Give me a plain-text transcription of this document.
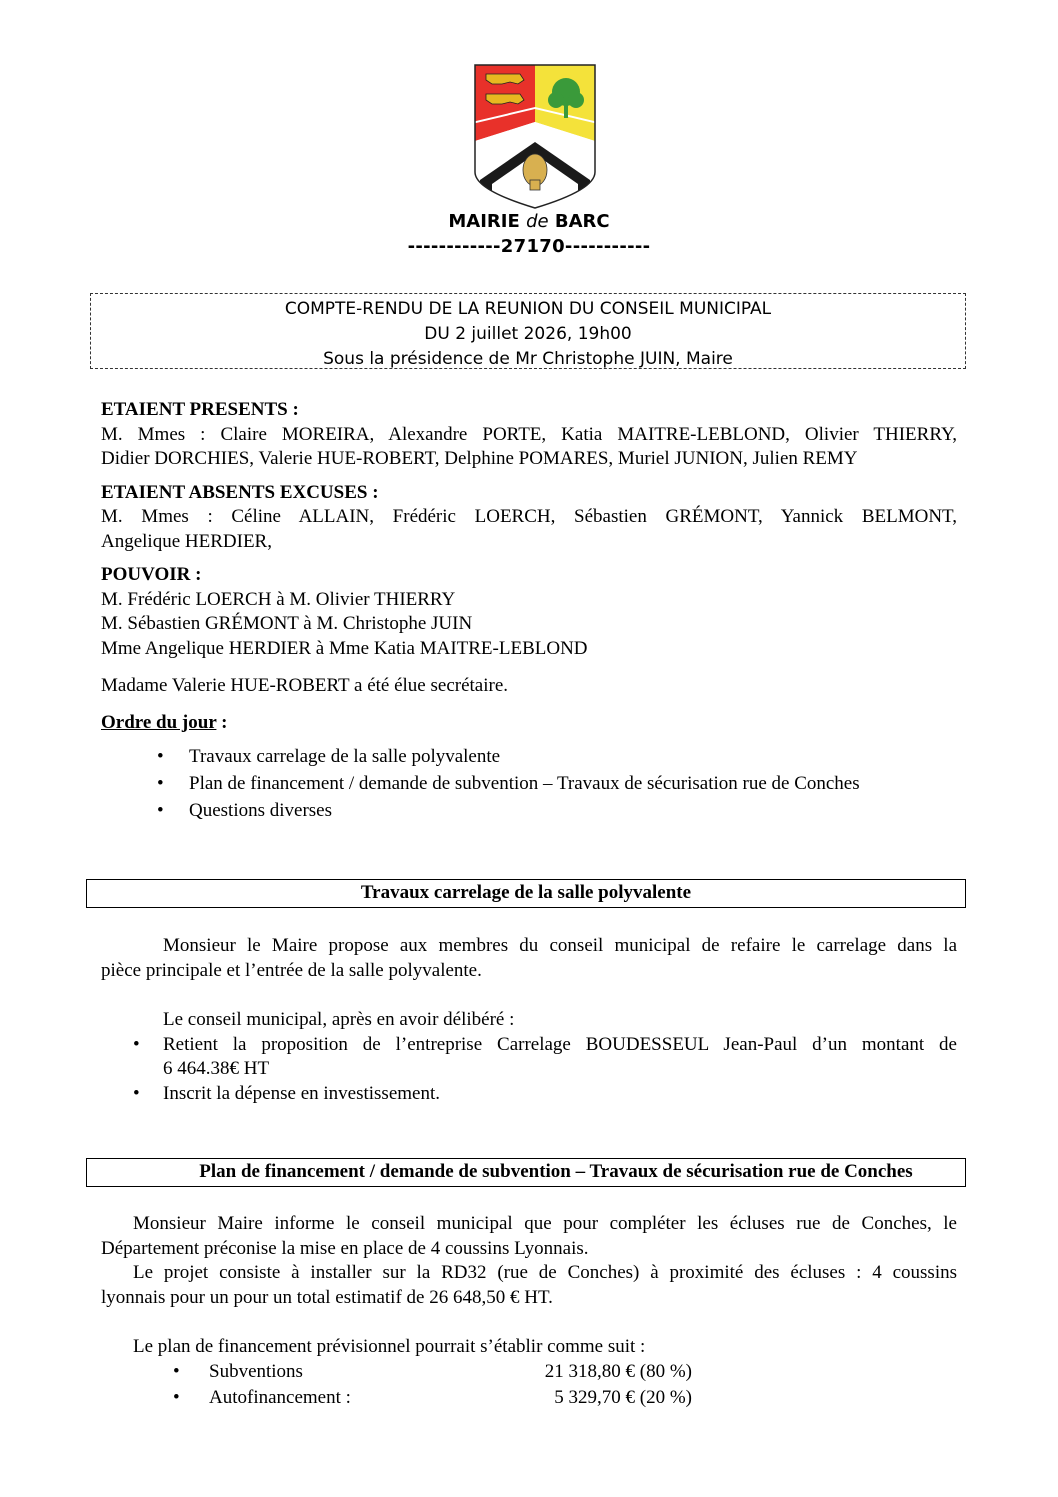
MAIRIE de BARC
------------27170-----------
COMPTE-RENDU DE LA REUNION DU CONSEIL MUNICIPAL
DU 2 juillet 2026, 19h00
Sous la présidence de Mr Christophe JUIN, Maire
ETAIENT PRESENTS :
M. Mmes : Claire MOREIRA, Alexandre PORTE, Katia MAITRE-LEBLOND, Olivier THIERRY,
Didier DORCHIES, Valerie HUE-ROBERT, Delphine POMARES, Muriel JUNION, Julien REMY
ETAIENT ABSENTS EXCUSES :
M. Mmes : Céline ALLAIN, Frédéric LOERCH, Sébastien GRÉMONT, Yannick BELMONT,
Angelique HERDIER,
POUVOIR :
M. Frédéric LOERCH à M. Olivier THIERRY
M. Sébastien GRÉMONT à M. Christophe JUIN
Mme Angelique HERDIER à Mme Katia MAITRE-LEBLOND
Madame Valerie HUE-ROBERT a été élue secrétaire.
Ordre du jour :
• Travaux carrelage de la salle polyvalente
• Plan de financement / demande de subvention – Travaux de sécurisation rue de Conches
• Questions diverses
Travaux carrelage de la salle polyvalente
Monsieur le Maire propose aux membres du conseil municipal de refaire le carrelage dans la
pièce principale et l’entrée de la salle polyvalente.
Le conseil municipal, après en avoir délibéré :
• Retient la proposition de l’entreprise Carrelage BOUDESSEUL Jean-Paul d’un montant de
6 464.38€ HT
• Inscrit la dépense en investissement.
Plan de financement / demande de subvention – Travaux de sécurisation rue de Conches
Monsieur Maire informe le conseil municipal que pour compléter les écluses rue de Conches, le
Département préconise la mise en place de 4 coussins Lyonnais.
Le projet consiste à installer sur la RD32 (rue de Conches) à proximité des écluses : 4 coussins
lyonnais pour un pour un total estimatif de 26 648,50 € HT.
Le plan de financement prévisionnel pourrait s’établir comme suit :
• Subventions	21 318,80 € (80 %)
• Autofinancement :	5 329,70 € (20 %)
